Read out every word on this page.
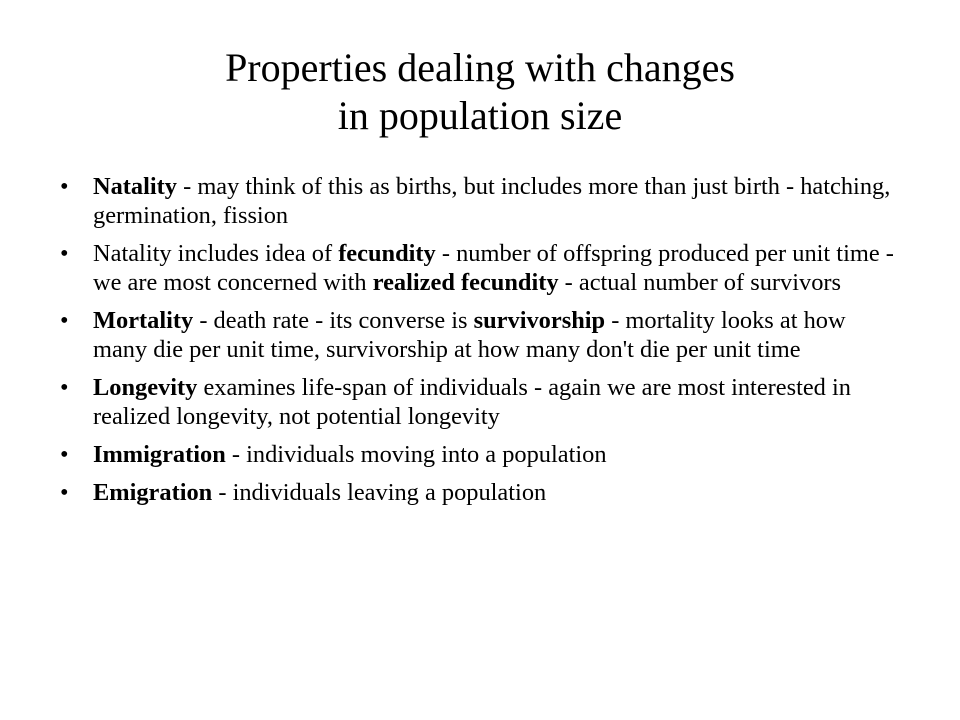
Properties dealing with changes
in population size
•	Natality - may think of this as births, but includes more than just birth - hatching, germination, fission
•	Natality includes idea of fecundity - number of offspring produced per unit time - we are most concerned with realized fecundity - actual number of survivors
•	Mortality - death rate - its converse is survivorship - mortality looks at how many die per unit time, survivorship at how many don't die per unit time
•	Longevity examines life-span of individuals - again we are most interested in realized longevity, not potential longevity
•	Immigration - individuals moving into a population
•	Emigration - individuals leaving a population
